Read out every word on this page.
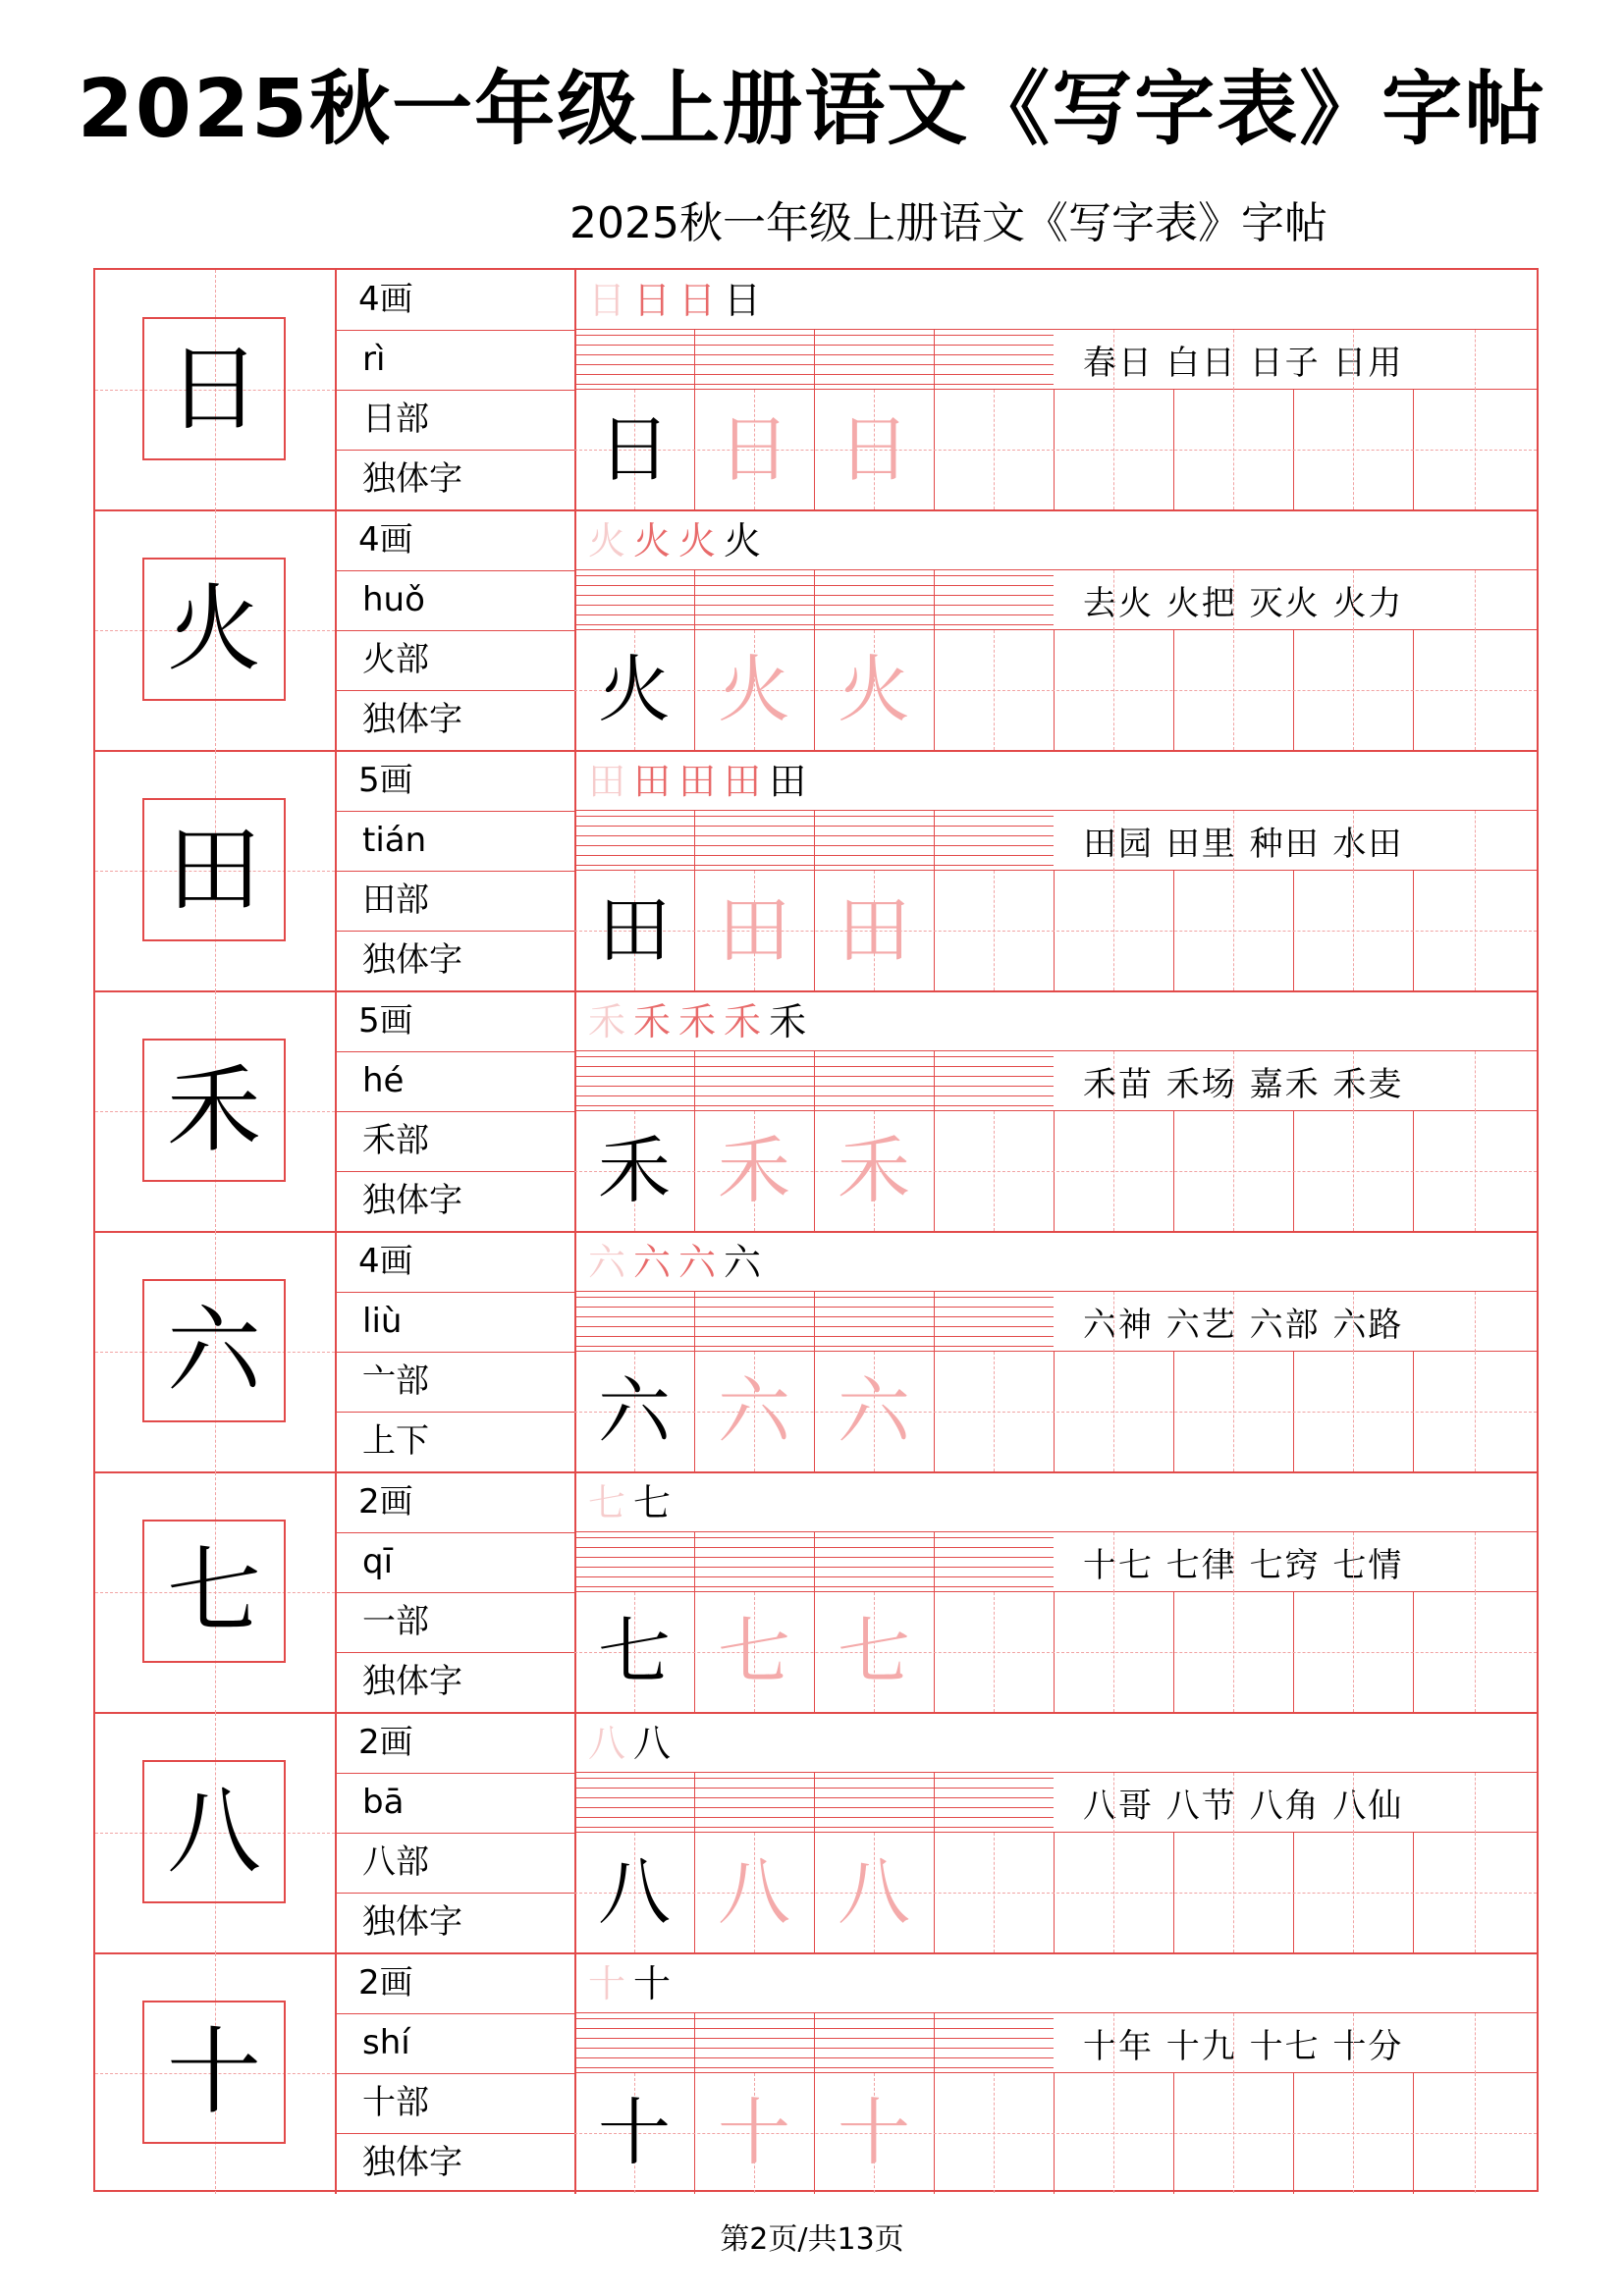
2025秋一年级上册语文《写字表》字帖
2025秋一年级上册语文《写字表》字帖
日
4画
rì
日部
独体字
日 日 日 日
春日 白日 日子 日用
日 日 日
火
4画
huǒ
火部
独体字
火 火 火 火
去火 火把 灭火 火力
火 火 火
田
5画
tián
田部
独体字
田 田 田 田 田
田园 田里 种田 水田
田 田 田
禾
5画
hé
禾部
独体字
禾 禾 禾 禾 禾
禾苗 禾场 嘉禾 禾麦
禾 禾 禾
六
4画
liù
亠部
上下
六 六 六 六
六神 六艺 六部 六路
六 六 六
七
2画
qī
一部
独体字
七 七
十七 七律 七窍 七情
七 七 七
八
2画
bā
八部
独体字
八 八
八哥 八节 八角 八仙
八 八 八
十
2画
shí
十部
独体字
十 十
十年 十九 十七 十分
十 十 十
第2页/共13页
